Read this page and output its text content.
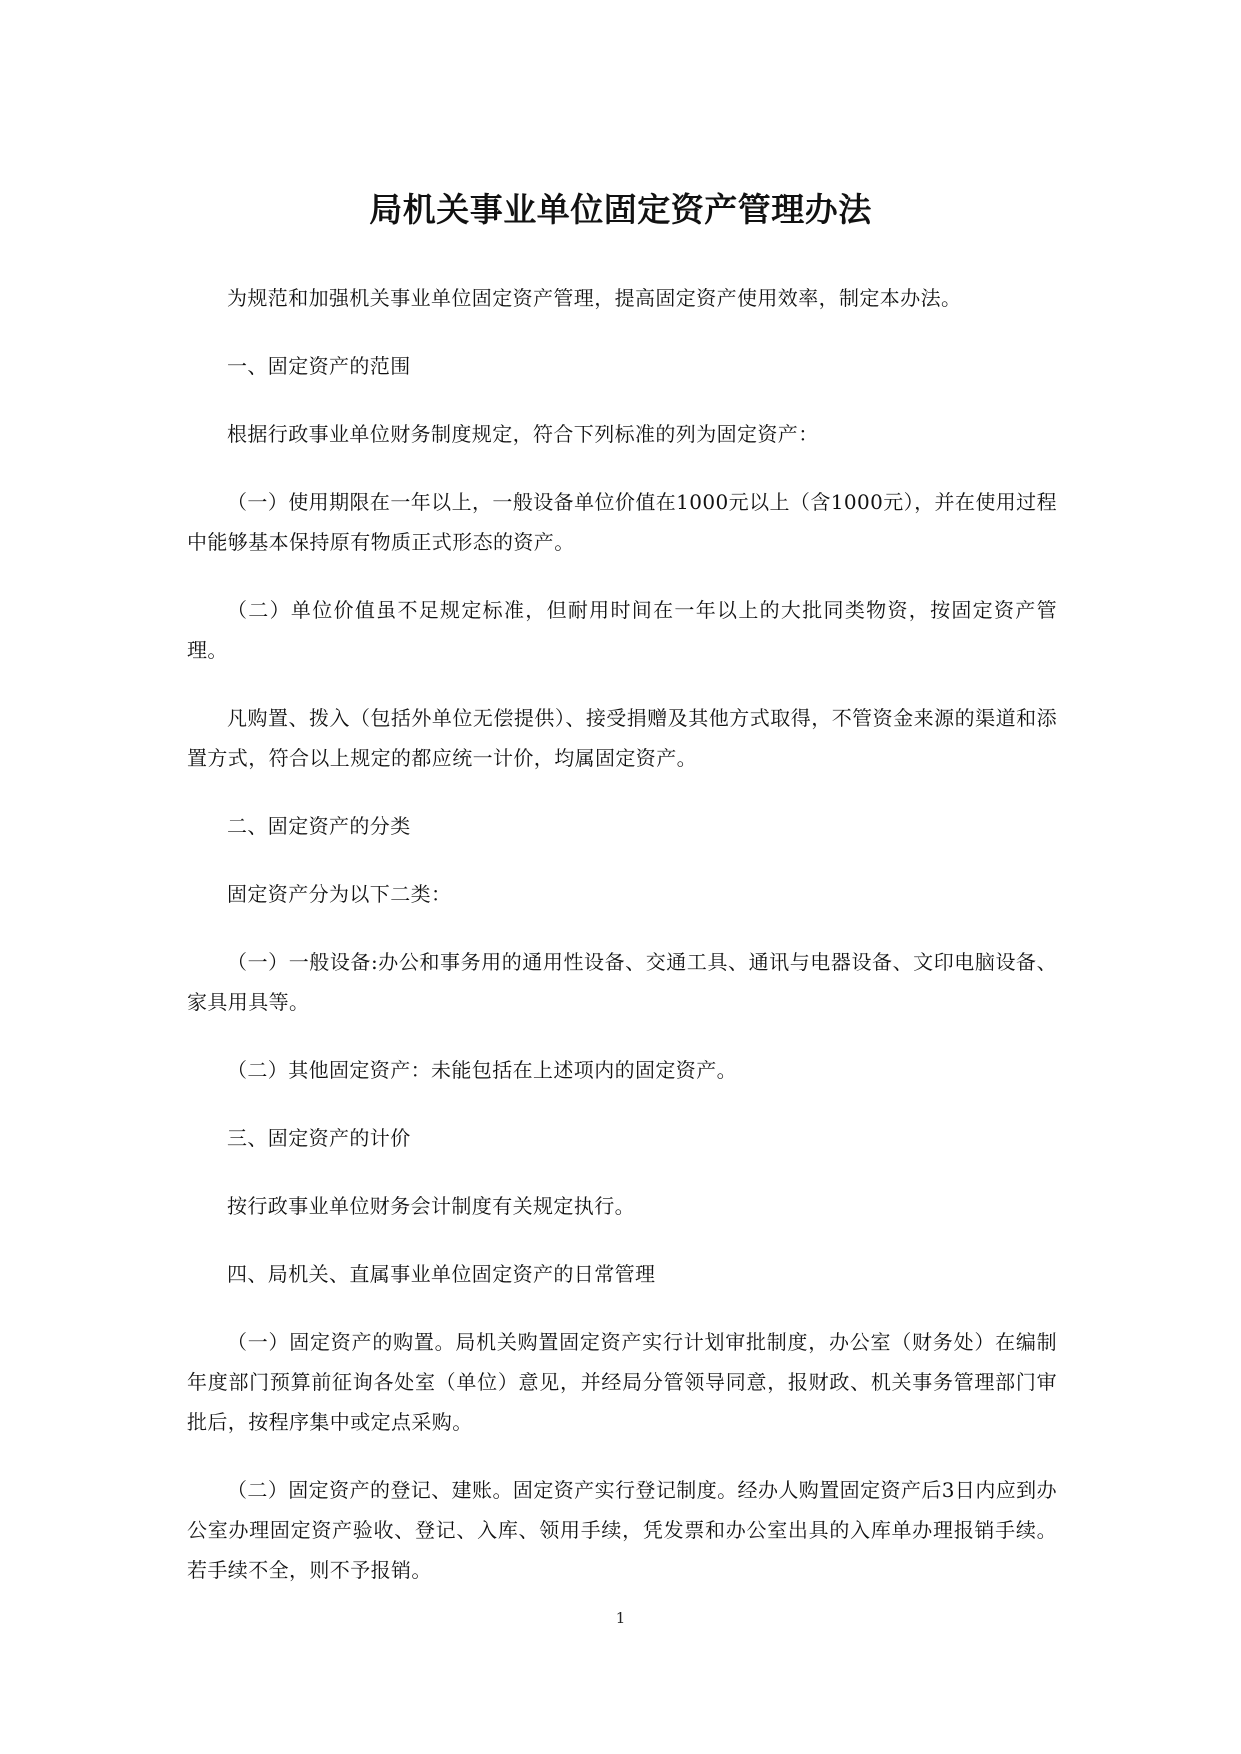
局机关事业单位固定资产管理办法

为规范和加强机关事业单位固定资产管理，提高固定资产使用效率，制定本办法。

一、固定资产的范围

根据行政事业单位财务制度规定，符合下列标准的列为固定资产：

（一）使用期限在一年以上，一般设备单位价值在1000元以上（含1000元），并在使用过程中能够基本保持原有物质正式形态的资产。

（二）单位价值虽不足规定标准，但耐用时间在一年以上的大批同类物资，按固定资产管理。

凡购置、拨入（包括外单位无偿提供）、接受捐赠及其他方式取得，不管资金来源的渠道和添置方式，符合以上规定的都应统一计价，均属固定资产。

二、固定资产的分类

固定资产分为以下二类：

（一）一般设备:办公和事务用的通用性设备、交通工具、通讯与电器设备、文印电脑设备、家具用具等。

（二）其他固定资产：未能包括在上述项内的固定资产。

三、固定资产的计价

按行政事业单位财务会计制度有关规定执行。

四、局机关、直属事业单位固定资产的日常管理

（一）固定资产的购置。局机关购置固定资产实行计划审批制度，办公室（财务处）在编制年度部门预算前征询各处室（单位）意见，并经局分管领导同意，报财政、机关事务管理部门审批后，按程序集中或定点采购。

（二）固定资产的登记、建账。固定资产实行登记制度。经办人购置固定资产后3日内应到办公室办理固定资产验收、登记、入库、领用手续，凭发票和办公室出具的入库单办理报销手续。若手续不全，则不予报销。

1
